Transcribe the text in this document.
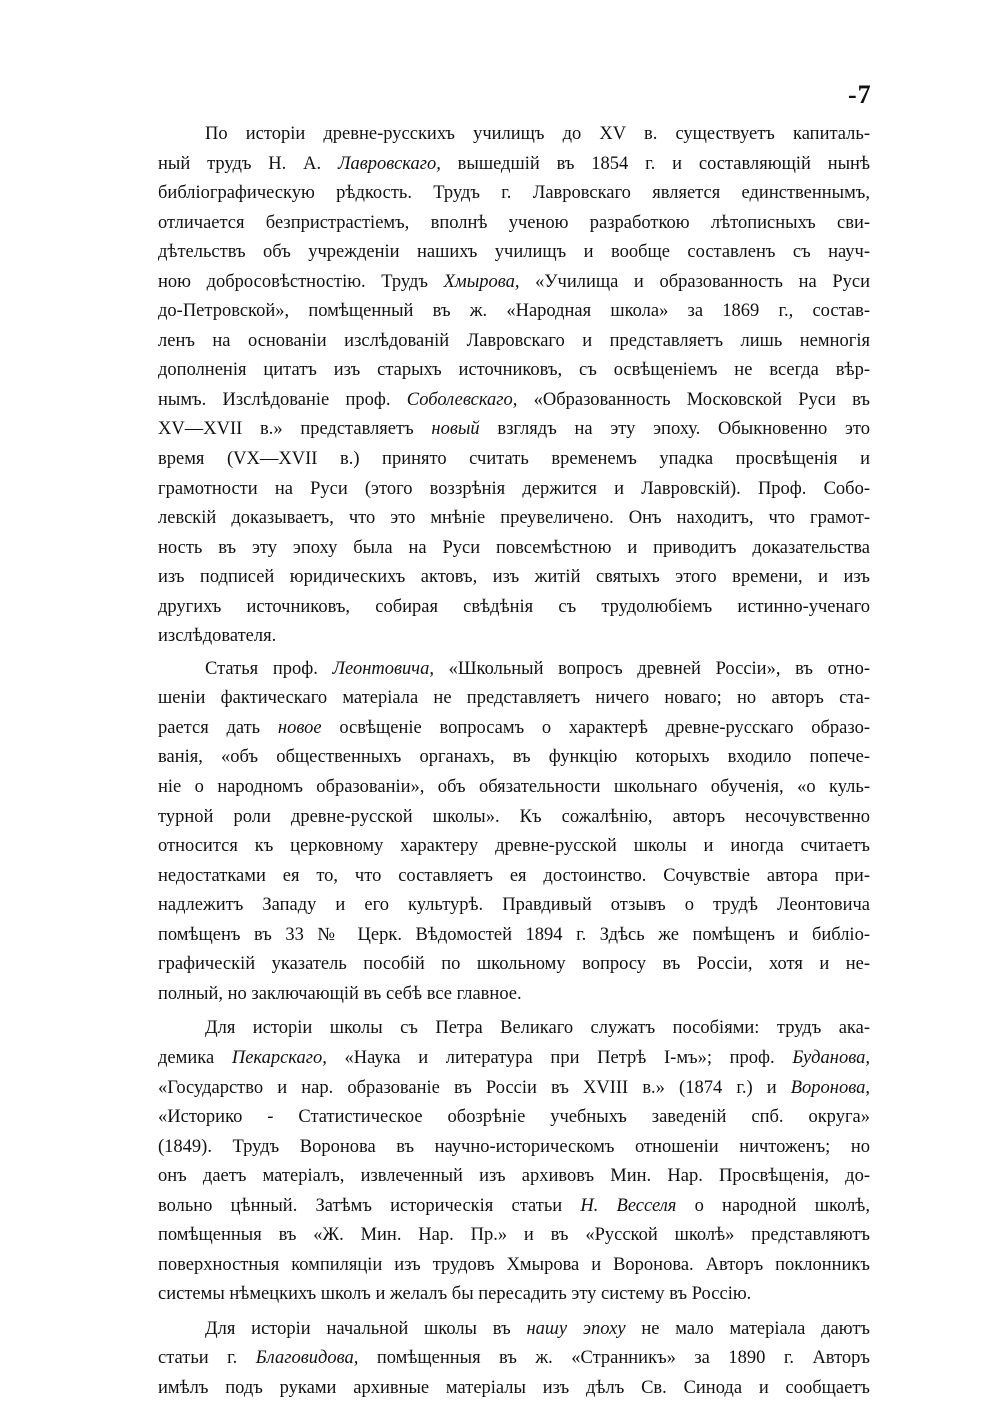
-7
По исторіи древне-русскихъ училищъ до XV в. существуетъ капиталь-
ный трудъ Н. А. Лавровскаго, вышедшій въ 1854 г. и составляющій нынѣ
библіографическую рѣдкость. Трудъ г. Лавровскаго является единственнымъ,
отличается безпристрастіемъ, вполнѣ ученою разработкою лѣтописныхъ сви-
дѣтельствъ объ учрежденіи нашихъ училищъ и вообще составленъ съ науч-
ною добросовѣстностію. Трудъ Хмырова, «Училища и образованность на Руси
до-Петровской», помѣщенный въ ж. «Народная школа» за 1869 г., состав-
ленъ на основаніи изслѣдованій Лавровскаго и представляетъ лишь немногія
дополненія цитатъ изъ старыхъ источниковъ, съ освѣщеніемъ не всегда вѣр-
нымъ. Изслѣдованіе проф. Соболевскаго, «Образованность Московской Руси въ
XV—XVII в.» представляетъ новый взглядъ на эту эпоху. Обыкновенно это
время (VX—XVII в.) принято считать временемъ упадка просвѣщенія и
грамотности на Руси (этого воззрѣнія держится и Лавровскій). Проф. Собо-
левскій доказываетъ, что это мнѣніе преувеличено. Онъ находитъ, что грамот-
ность въ эту эпоху была на Руси повсемѣстною и приводитъ доказательства
изъ подписей юридическихъ актовъ, изъ житій святыхъ этого времени, и изъ
другихъ источниковъ, собирая свѣдѣнія съ трудолюбіемъ истинно-ученаго
изслѣдователя.
Статья проф. Леонтовича, «Школьный вопросъ древней Россіи», въ отно-
шеніи фактическаго матеріала не представляетъ ничего новаго; но авторъ ста-
рается дать новое освѣщеніе вопросамъ о характерѣ древне-русскаго образо-
ванія, «объ общественныхъ органахъ, въ функцію которыхъ входило попече-
ніе о народномъ образованіи», объ обязательности школьнаго обученія, «о куль-
турной роли древне-русской школы». Къ сожалѣнію, авторъ несочувственно
относится къ церковному характеру древне-русской школы и иногда считаетъ
недостатками ея то, что составляетъ ея достоинство. Сочувствіе автора при-
надлежитъ Западу и его культурѣ. Правдивый отзывъ о трудѣ Леонтовича
помѣщенъ въ 33 № Церк. Вѣдомостей 1894 г. Здѣсь же помѣщенъ и библіо-
графическій указатель пособій по школьному вопросу въ Россіи, хотя и не-
полный, но заключающій въ себѣ все главное.
Для исторіи школы съ Петра Великаго служатъ пособіями: трудъ ака-
демика Пекарскаго, «Наука и литература при Петрѣ І-мъ»; проф. Буданова,
«Государство и нар. образованіе въ Россіи въ XVIII в.» (1874 г.) и Воронова,
«Историко - Статистическое обозрѣніе учебныхъ заведеній спб. округа»
(1849). Трудъ Воронова въ научно-историческомъ отношеніи ничтоженъ; но
онъ даетъ матеріалъ, извлеченный изъ архивовъ Мин. Нар. Просвѣщенія, до-
вольно цѣнный. Затѣмъ историческія статьи Н. Весселя о народной школѣ,
помѣщенныя въ «Ж. Мин. Нар. Пр.» и въ «Русской школѣ» представляютъ
поверхностныя компиляціи изъ трудовъ Хмырова и Воронова. Авторъ поклонникъ
системы нѣмецкихъ школъ и желалъ бы пересадить эту систему въ Россію.
Для исторіи начальной школы въ нашу эпоху не мало матеріала даютъ
статьи г. Благовидова, помѣщенныя въ ж. «Странникъ» за 1890 г. Авторъ
имѣлъ подъ руками архивные матеріалы изъ дѣлъ Св. Синода и сообщаетъ
